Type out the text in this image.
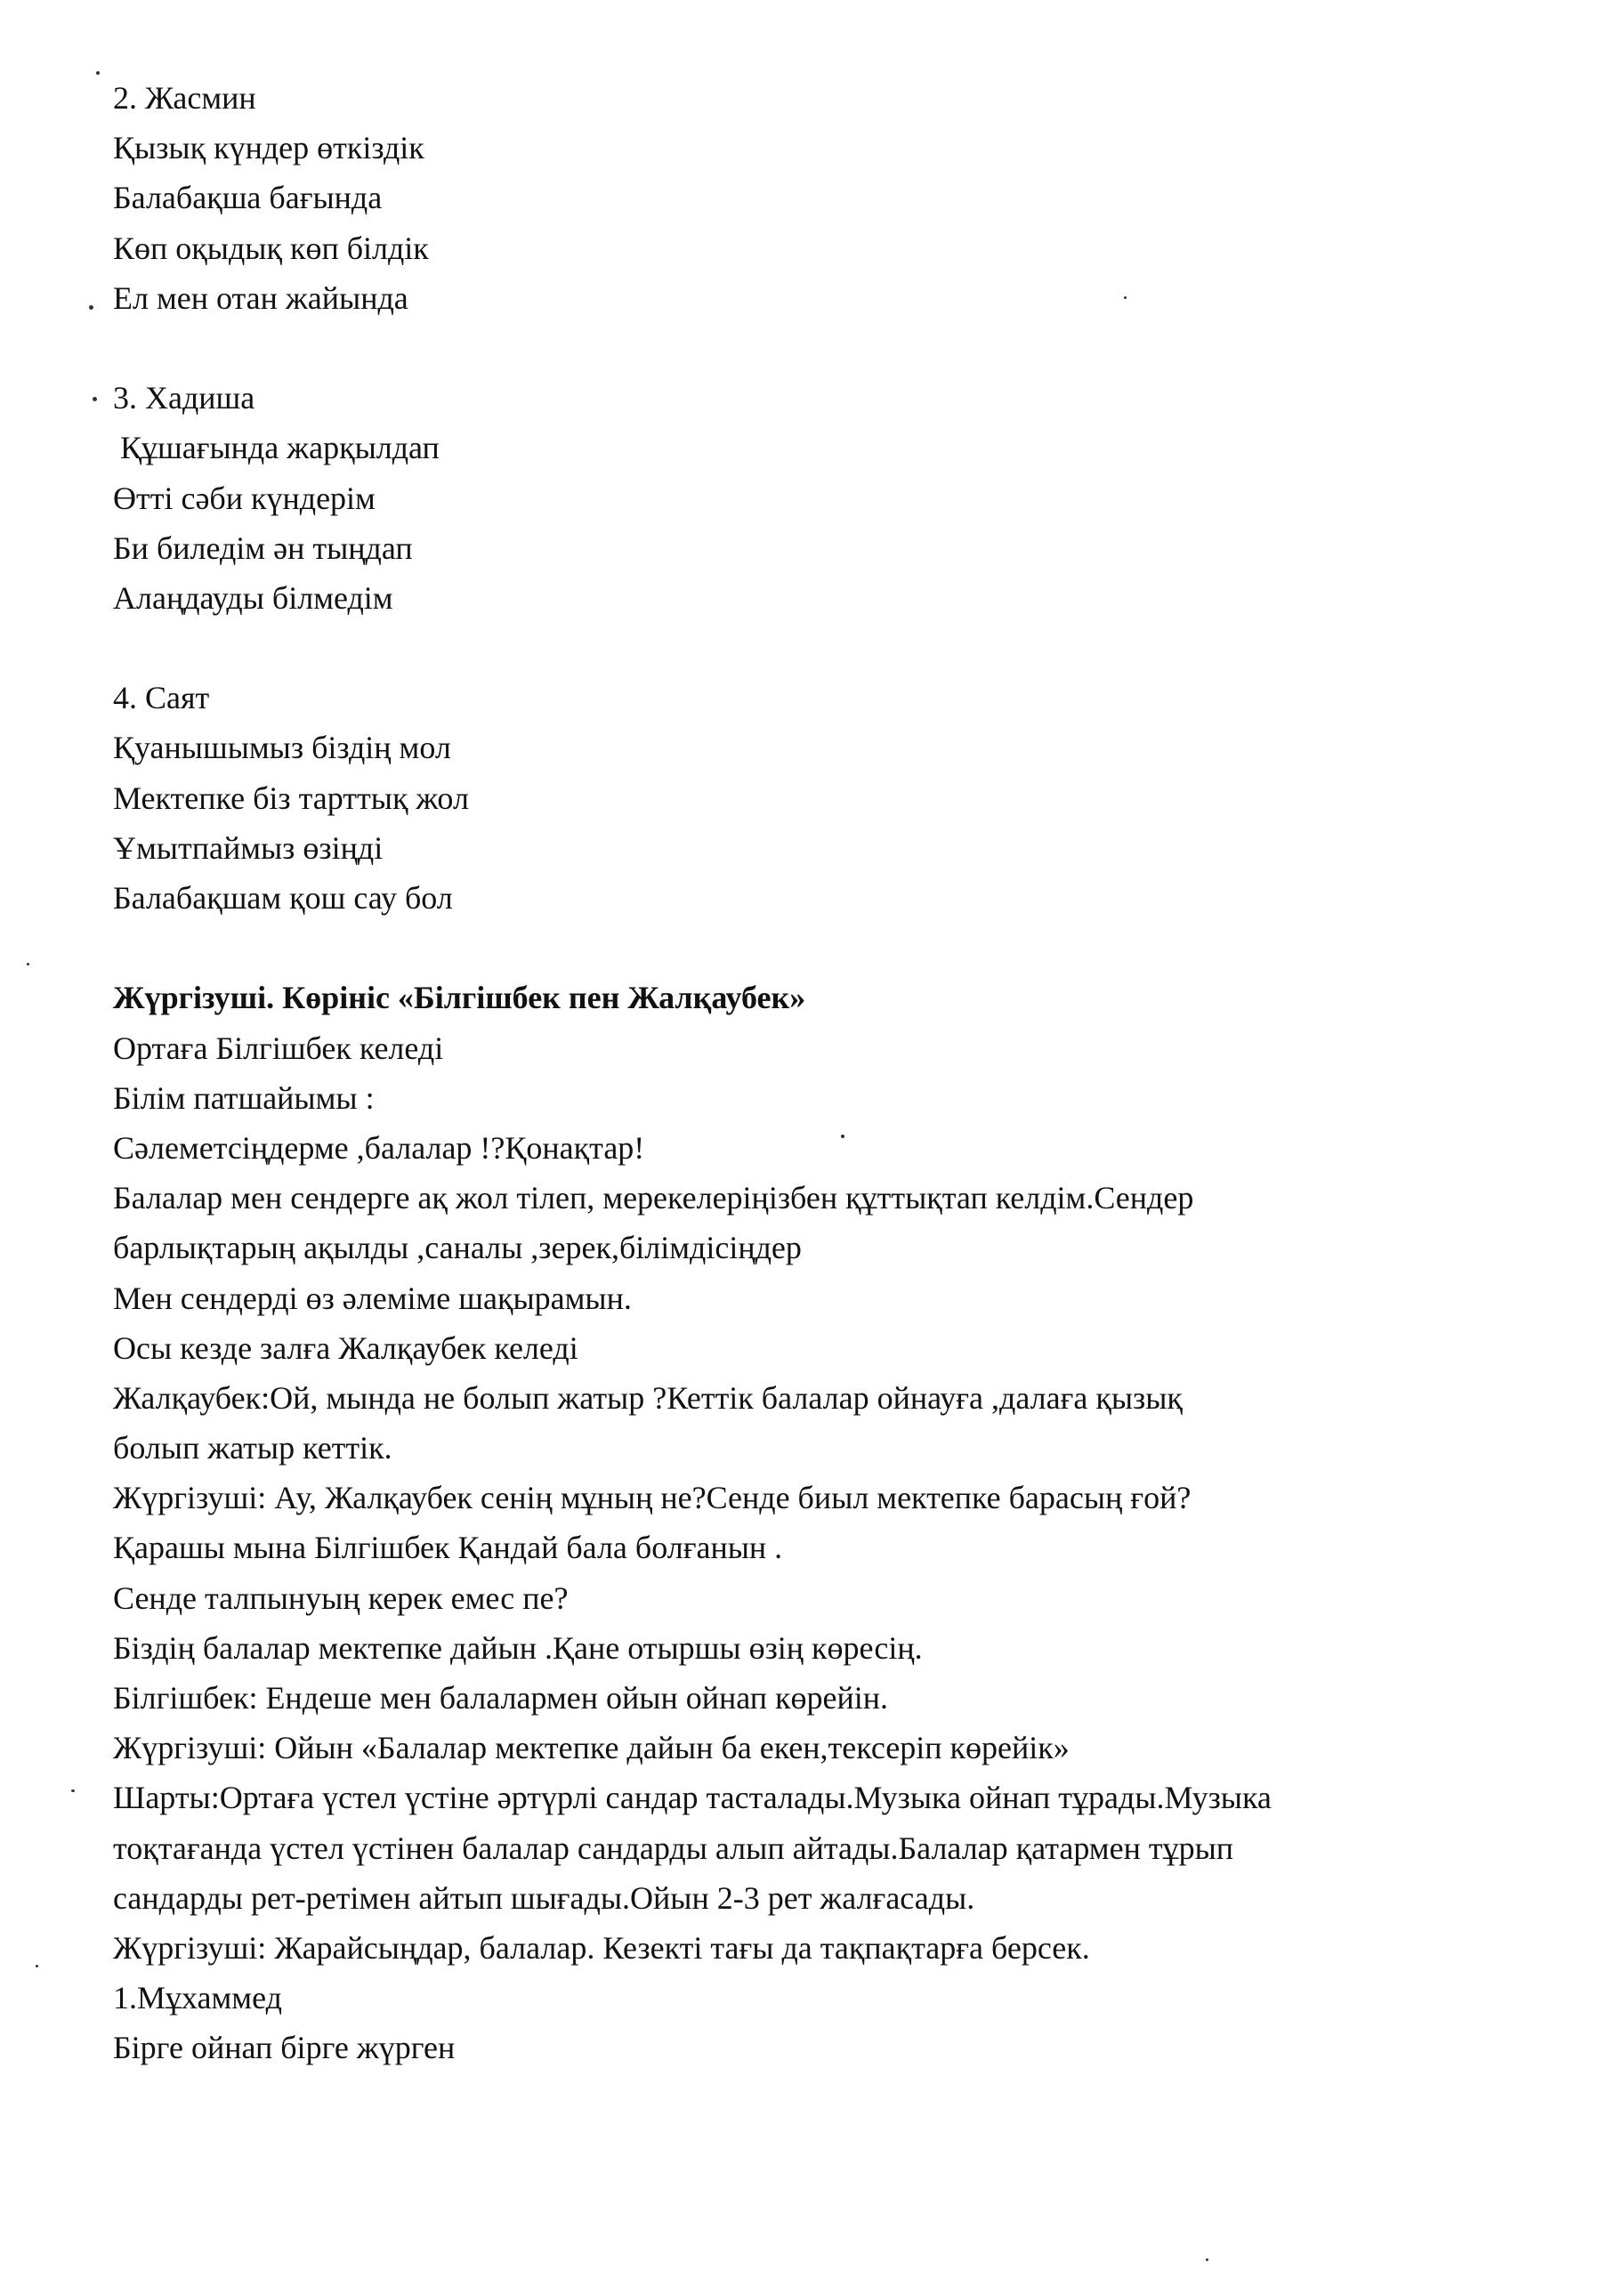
2. Жасмин
Қызық күндер өткіздік
Балабақша бағында
Көп оқыдық көп білдік
Ел мен отан жайында
3. Хадиша
Құшағында жарқылдап
Өтті сәби күндерім
Би биледім ән тыңдап
Алаңдауды білмедім
4. Саят
Қуанышымыз біздің мол
Мектепке біз тарттық жол
Ұмытпаймыз өзіңді
Балабақшам қош сау бол
Жүргізуші. Көрініс «Білгішбек пен Жалқаубек»
Ортаға Білгішбек келеді
Білім патшайымы :
Сәлеметсіңдерме ,балалар !?Қонақтар!
Балалар мен сендерге ақ жол тілеп, мерекелеріңізбен құттықтап келдім.Сендер
барлықтарың ақылды ,саналы ,зерек,білімдісіңдер
Мен сендерді өз әлеміме шақырамын.
Осы кезде залға Жалқаубек келеді
Жалқаубек:Ой, мында не болып жатыр ?Кеттік балалар ойнауға ,далаға қызық
болып жатыр кеттік.
Жүргізуші: Ау, Жалқаубек сенің мұның не?Сенде биыл мектепке барасың ғой?
Қарашы мына Білгішбек Қандай бала болғанын .
Сенде талпынуың керек емес пе?
Біздің балалар мектепке дайын .Қане отыршы өзің көресің.
Білгішбек: Ендеше мен балалармен ойын ойнап көрейін.
Жүргізуші: Ойын «Балалар мектепке дайын ба екен,тексеріп көрейік»
Шарты:Ортаға үстел үстіне әртүрлі сандар тасталады.Музыка ойнап тұрады.Музыка
тоқтағанда үстел үстінен балалар сандарды алып айтады.Балалар қатармен тұрып
сандарды рет-ретімен айтып шығады.Ойын 2-3 рет жалғасады.
Жүргізуші: Жарайсыңдар, балалар. Кезекті тағы да тақпақтарға берсек.
1.Мұхаммед
Бірге ойнап бірге жүрген
